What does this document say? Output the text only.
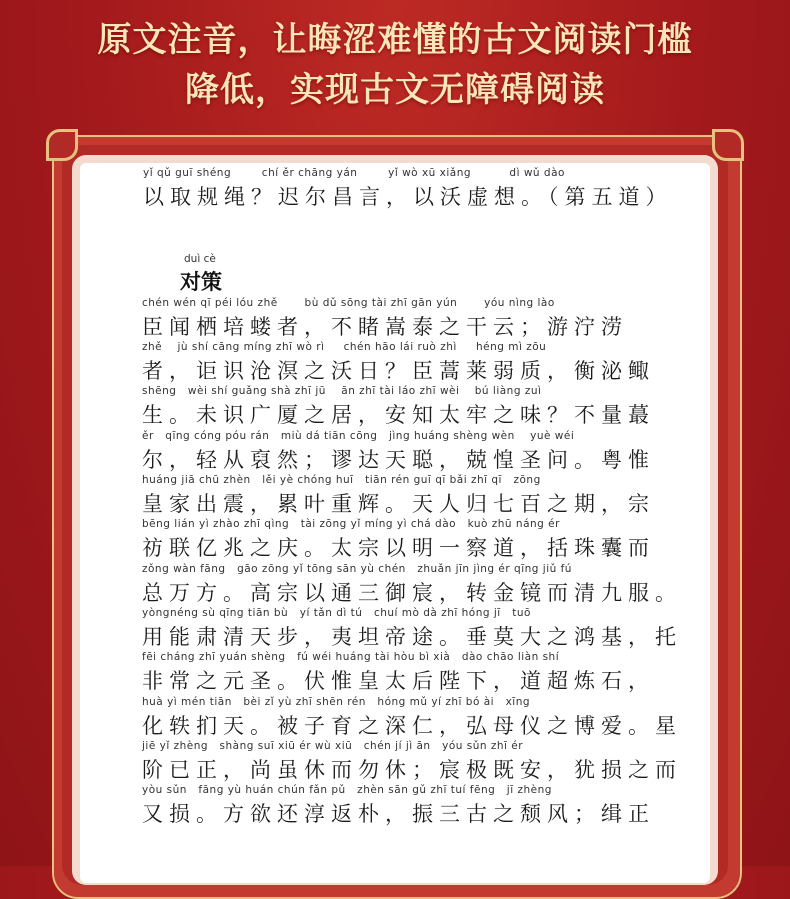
原文注音，让晦涩难懂的古文阅读门槛
降低，实现古文无障碍阅读
duì cè
对策
yǐ qǔ guī shéng        chí ěr chāng yán        yǐ wò xū xiǎng          dì wǔ dào
以取规绳？迟尔昌言，以沃虚想。（第五道）
chén wén qī péi lóu zhě       bù dǔ sōng tài zhī gān yún       yóu nìng lào
臣闻栖培蝼者，不睹嵩泰之干云；游泞涝
zhě    jù shí cāng míng zhī wò rì     chén hāo lái ruò zhì     héng mì zōu
者，讵识沧溟之沃日？臣蒿莱弱质，衡泌鲰
shēng   wèi shí guǎng shà zhī jū    ān zhī tài láo zhī wèi    bú liàng zuì
生。未识广厦之居，安知太牢之味？不量蕞
ěr   qīng cóng póu rán   miù dá tiān cōng   jìng huáng shèng wèn    yuè wéi
尔，轻从裒然；谬达天聪，兢惶圣问。粤惟
huáng jiā chū zhèn   lěi yè chóng huī   tiān rén guī qī bǎi zhī qī   zōng
皇家出震，累叶重辉。天人归七百之期，宗
bēng lián yì zhào zhī qìng   tài zōng yǐ míng yì chá dào   kuò zhū náng ér
祊联亿兆之庆。太宗以明一察道，括珠囊而
zǒng wàn fāng   gāo zōng yǐ tōng sān yù chén   zhuǎn jīn jìng ér qīng jiǔ fú
总万方。高宗以通三御宸，转金镜而清九服。
yòngnéng sù qīng tiān bù   yí tǎn dì tú   chuí mò dà zhī hóng jī   tuō
用能肃清天步，夷坦帝途。垂莫大之鸿基，托
fēi cháng zhī yuán shèng   fú wéi huáng tài hòu bì xià   dào chāo liàn shí
非常之元圣。伏惟皇太后陛下，道超炼石，
huà yì mén tiān   bèi zǐ yù zhī shēn rén   hóng mǔ yí zhī bó ài   xīng
化轶扪天。被子育之深仁，弘母仪之博爱。星
jiē yǐ zhèng   shàng suī xiū ér wù xiū   chén jí jì ān   yóu sǔn zhī ér
阶已正，尚虽休而勿休；宸极既安，犹损之而
yòu sǔn   fāng yù huán chún fǎn pǔ   zhèn sān gǔ zhī tuí fēng   jī zhèng
又损。方欲还淳返朴，振三古之颓风；缉正
